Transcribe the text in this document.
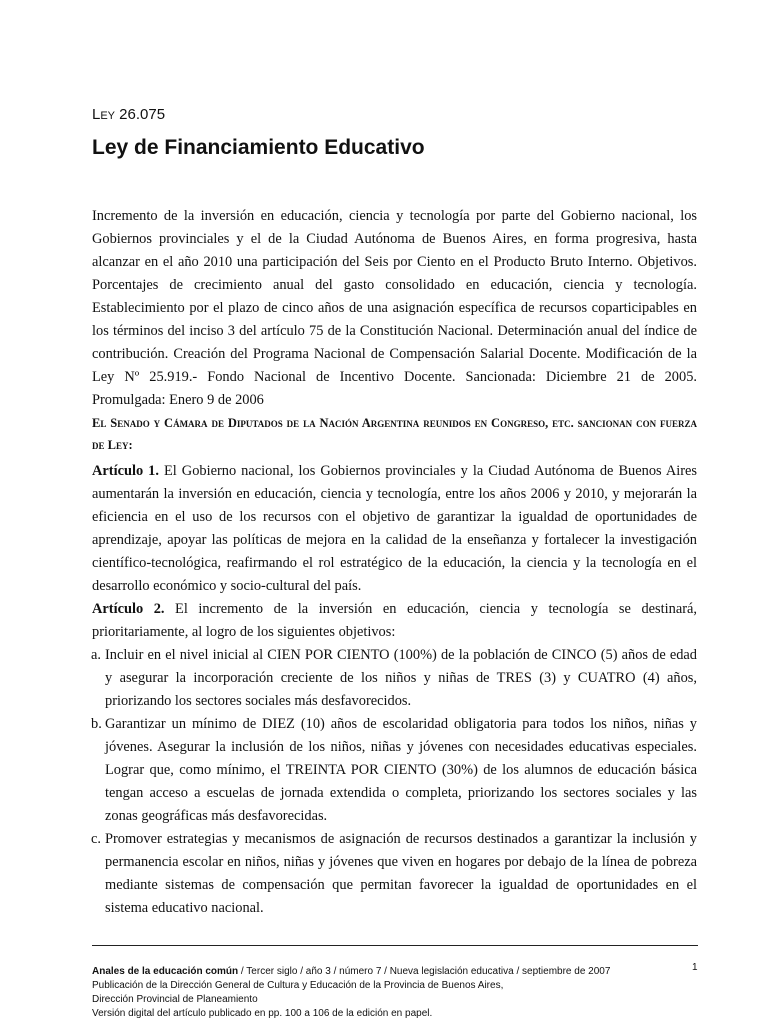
Ley 26.075
Ley de Financiamiento Educativo
Incremento de la inversión en educación, ciencia y tecnología por parte del Gobierno nacional, los Gobiernos provinciales y el de la Ciudad Autónoma de Buenos Aires, en forma progresiva, hasta alcanzar en el año 2010 una participación del Seis por Ciento en el Producto Bruto Interno. Objetivos. Porcentajes de crecimiento anual del gasto consolidado en educación, ciencia y tecnología. Establecimiento por el plazo de cinco años de una asignación específica de recursos coparticipables en los términos del inciso 3 del artículo 75 de la Constitución Nacional. Determinación anual del índice de contribución. Creación del Programa Nacional de Compensación Salarial Docente. Modificación de la Ley Nº 25.919.- Fondo Nacional de Incentivo Docente. Sancionada: Diciembre 21 de 2005. Promulgada: Enero 9 de 2006
El Senado y Cámara de Diputados de la Nación Argentina reunidos en Congreso, etc. sancionan con fuerza de Ley:

Artículo 1. El Gobierno nacional, los Gobiernos provinciales y la Ciudad Autónoma de Buenos Aires aumentarán la inversión en educación, ciencia y tecnología, entre los años 2006 y 2010, y mejorarán la eficiencia en el uso de los recursos con el objetivo de garantizar la igualdad de oportunidades de aprendizaje, apoyar las políticas de mejora en la calidad de la enseñanza y fortalecer la investigación científico-tecnológica, reafirmando el rol estratégico de la educación, la ciencia y la tecnología en el desarrollo económico y socio-cultural del país.

Artículo 2. El incremento de la inversión en educación, ciencia y tecnología se destinará, prioritariamente, al logro de los siguientes objetivos:

a. Incluir en el nivel inicial al CIEN POR CIENTO (100%) de la población de CINCO (5) años de edad y asegurar la incorporación creciente de los niños y niñas de TRES (3) y CUATRO (4) años, priorizando los sectores sociales más desfavorecidos.
b. Garantizar un mínimo de DIEZ (10) años de escolaridad obligatoria para todos los niños, niñas y jóvenes. Asegurar la inclusión de los niños, niñas y jóvenes con necesidades educativas especiales. Lograr que, como mínimo, el TREINTA POR CIENTO (30%) de los alumnos de educación básica tengan acceso a escuelas de jornada extendida o completa, priorizando los sectores sociales y las zonas geográficas más desfavorecidas.
c. Promover estrategias y mecanismos de asignación de recursos destinados a garantizar la inclusión y permanencia escolar en niños, niñas y jóvenes que viven en hogares por debajo de la línea de pobreza mediante sistemas de compensación que permitan favorecer la igualdad de oportunidades en el sistema educativo nacional.
Anales de la educación común / Tercer siglo / año 3 / número 7 / Nueva legislación educativa / septiembre de 2007
Publicación de la Dirección General de Cultura y Educación de la Provincia de Buenos Aires,
Dirección Provincial de Planeamiento
Versión digital del artículo publicado en pp. 100 a 106 de la edición en papel.
1
